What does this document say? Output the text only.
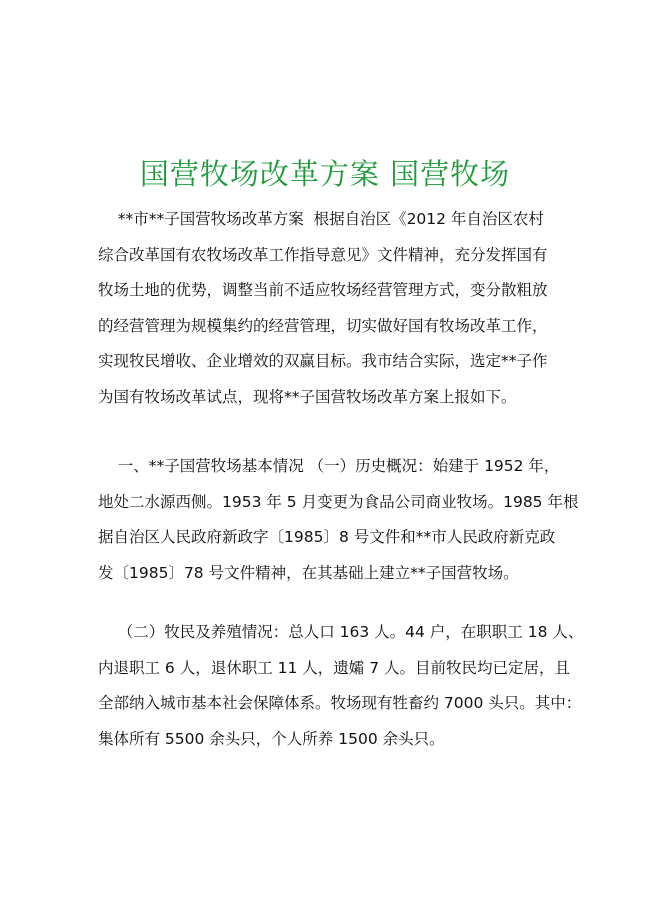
国营牧场改革方案 国营牧场
**市**子国营牧场改革方案  根据自治区《2012 年自治区农村
综合改革国有农牧场改革工作指导意见》文件精神，充分发挥国有
牧场土地的优势，调整当前不适应牧场经营管理方式，变分散粗放
的经营管理为规模集约的经营管理，切实做好国有牧场改革工作，
实现牧民增收、企业增效的双赢目标。我市结合实际，选定**子作
为国有牧场改革试点，现将**子国营牧场改革方案上报如下。
一、**子国营牧场基本情况 （一）历史概况：始建于 1952 年，
地处二水源西侧。1953 年 5 月变更为食品公司商业牧场。1985 年根
据自治区人民政府新政字〔1985〕8 号文件和**市人民政府新克政
发〔1985〕78 号文件精神，在其基础上建立**子国营牧场。
（二）牧民及养殖情况：总人口 163 人。44 户，在职职工 18 人、
内退职工 6 人，退休职工 11 人，遗孀 7 人。目前牧民均已定居，且
全部纳入城市基本社会保障体系。牧场现有牲畜约 7000 头只。其中：
集体所有 5500 余头只，个人所养 1500 余头只。
